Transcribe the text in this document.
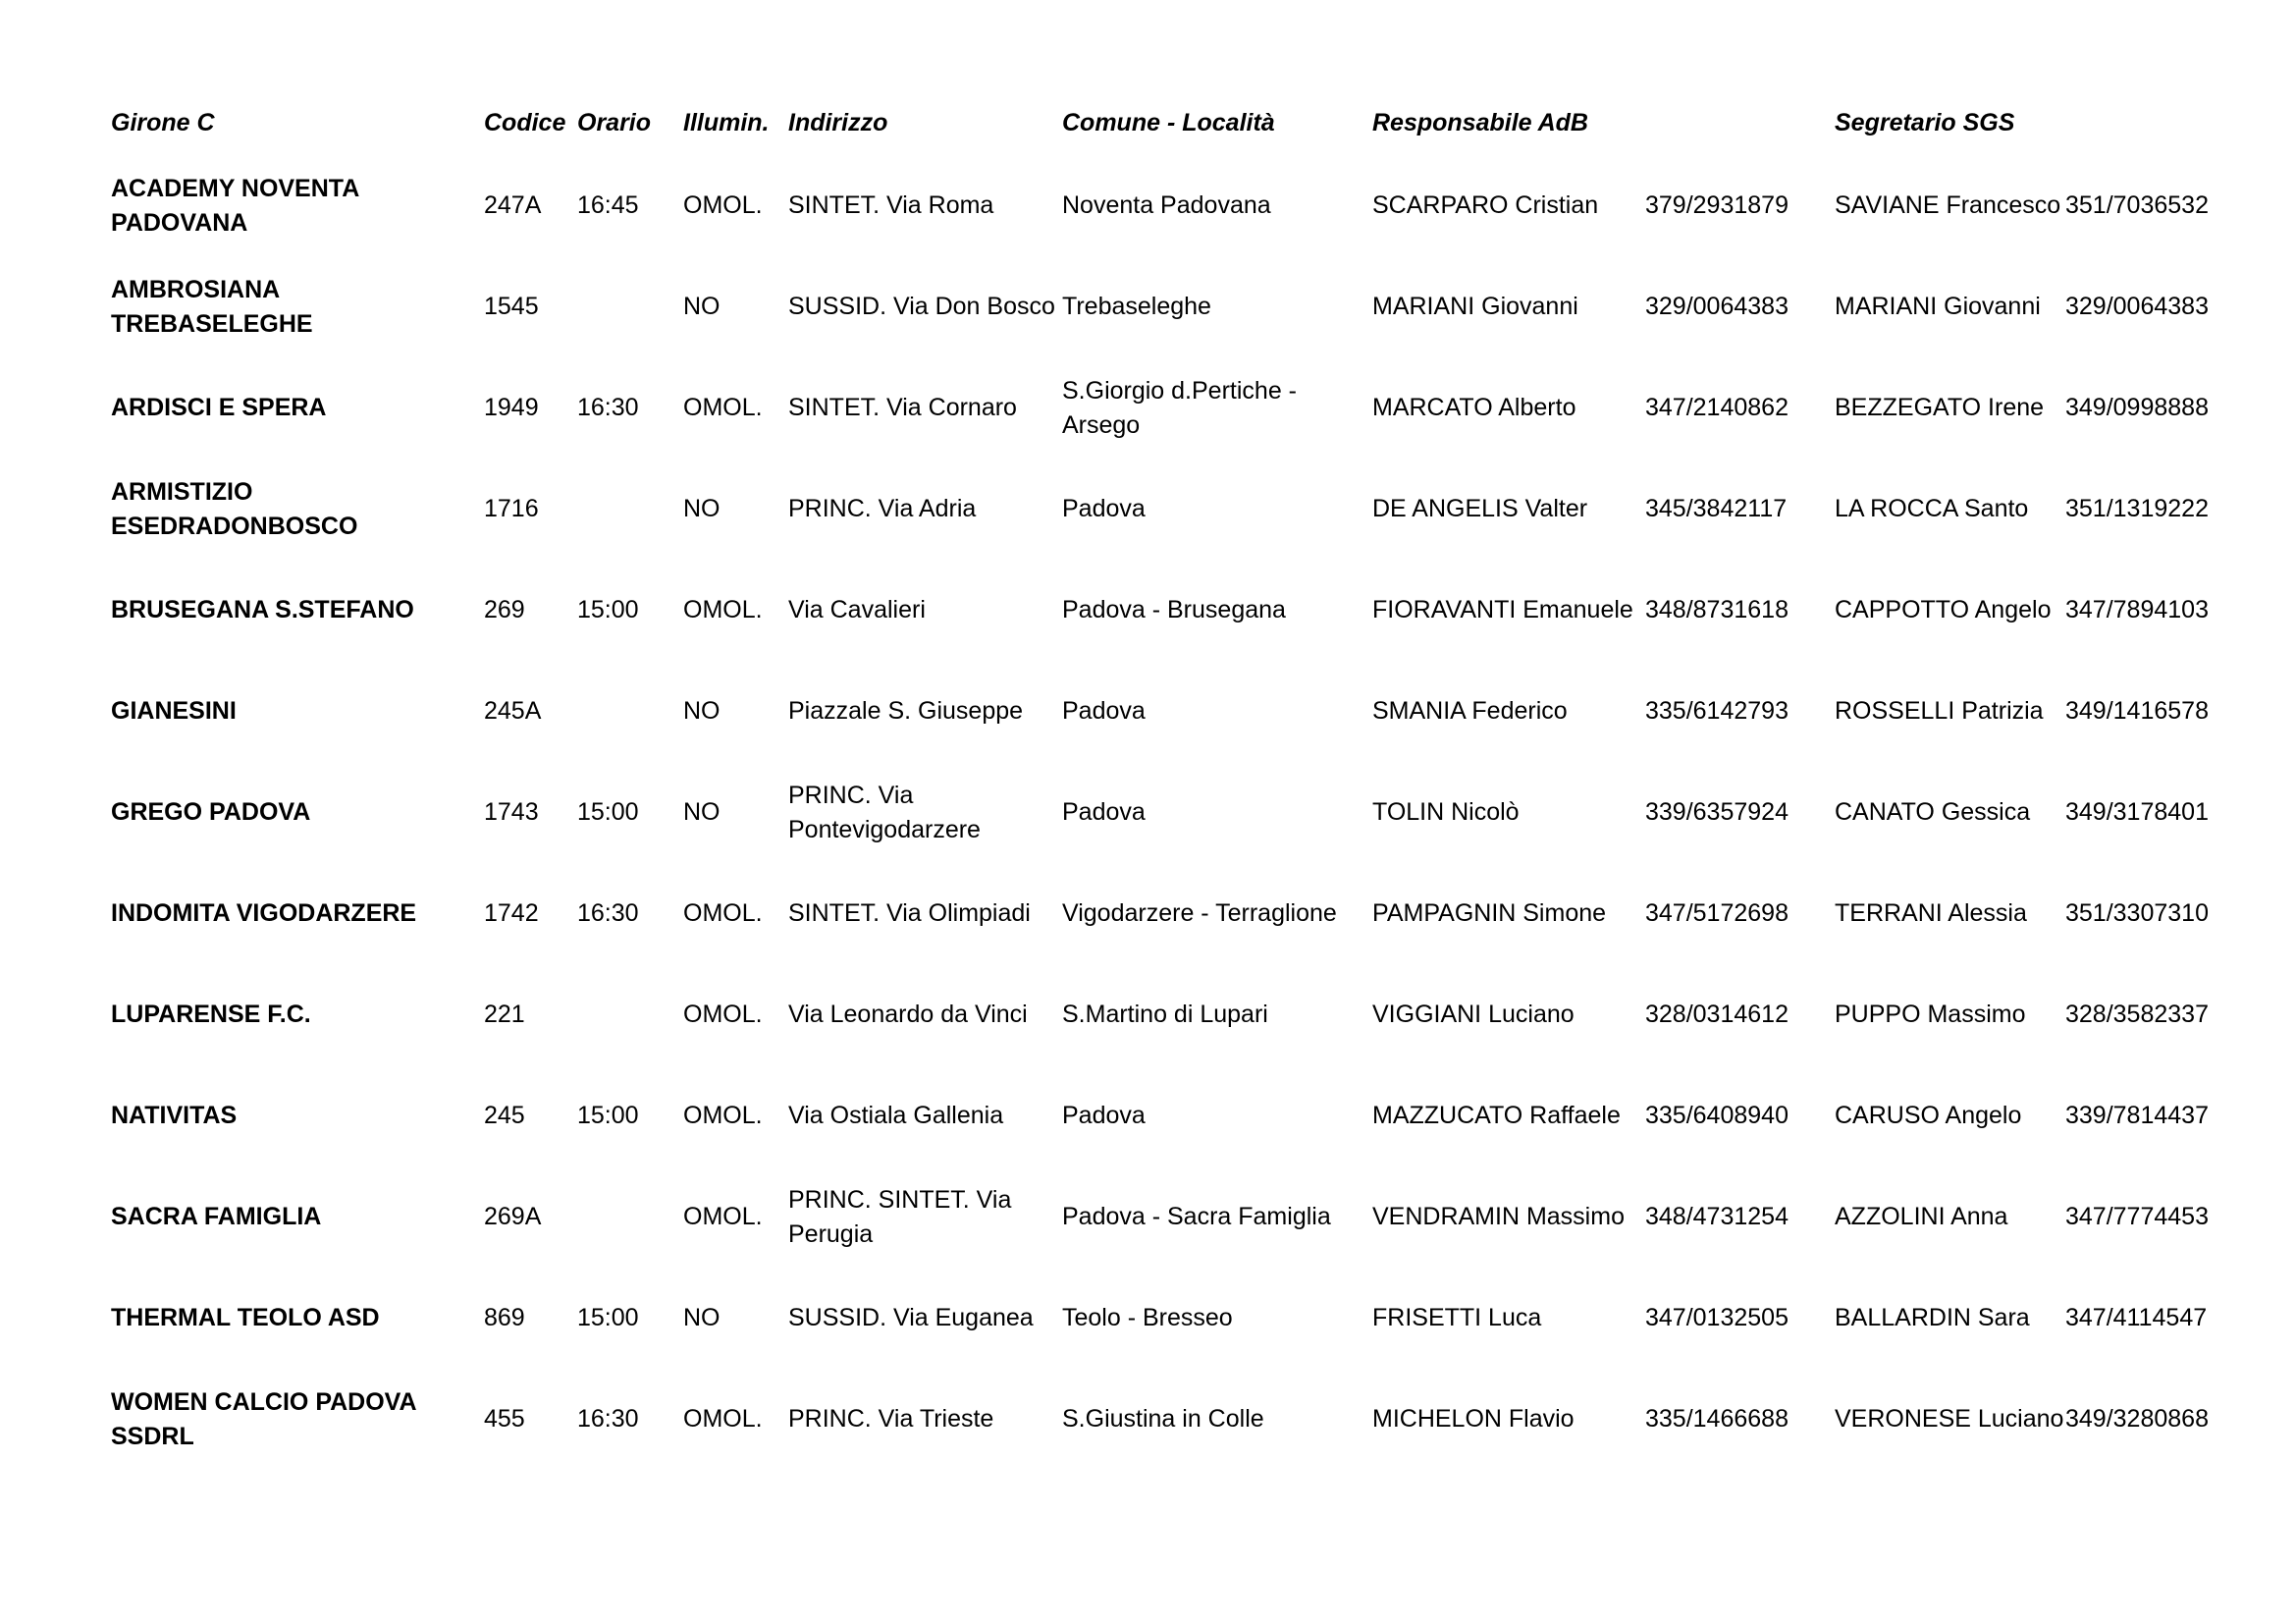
Girone C	Codice	Orario	Illumin.	Indirizzo	Comune - Località	Responsabile AdB		Segretario SGS	
ACADEMY NOVENTA PADOVANA	247A	16:45	OMOL.	SINTET. Via Roma	Noventa Padovana	SCARPARO Cristian	379/2931879	SAVIANE Francesco	351/7036532
AMBROSIANA TREBASELEGHE	1545		NO	SUSSID. Via Don Bosco	Trebaseleghe	MARIANI Giovanni	329/0064383	MARIANI Giovanni	329/0064383
ARDISCI E SPERA	1949	16:30	OMOL.	SINTET. Via Cornaro	S.Giorgio d.Pertiche - Arsego	MARCATO Alberto	347/2140862	BEZZEGATO Irene	349/0998888
ARMISTIZIO ESEDRADONBOSCO	1716		NO	PRINC. Via Adria	Padova	DE ANGELIS Valter	345/3842117	LA ROCCA Santo	351/1319222
BRUSEGANA S.STEFANO	269	15:00	OMOL.	Via Cavalieri	Padova - Brusegana	FIORAVANTI Emanuele	348/8731618	CAPPOTTO Angelo	347/7894103
GIANESINI	245A		NO	Piazzale S. Giuseppe	Padova	SMANIA Federico	335/6142793	ROSSELLI Patrizia	349/1416578
GREGO PADOVA	1743	15:00	NO	PRINC. Via Pontevigodarzere	Padova	TOLIN Nicolò	339/6357924	CANATO Gessica	349/3178401
INDOMITA VIGODARZERE	1742	16:30	OMOL.	SINTET. Via Olimpiadi	Vigodarzere - Terraglione	PAMPAGNIN Simone	347/5172698	TERRANI Alessia	351/3307310
LUPARENSE F.C.	221		OMOL.	Via Leonardo da Vinci	S.Martino di Lupari	VIGGIANI Luciano	328/0314612	PUPPO Massimo	328/3582337
NATIVITAS	245	15:00	OMOL.	Via Ostiala Gallenia	Padova	MAZZUCATO Raffaele	335/6408940	CARUSO Angelo	339/7814437
SACRA FAMIGLIA	269A		OMOL.	PRINC. SINTET. Via Perugia	Padova - Sacra Famiglia	VENDRAMIN Massimo	348/4731254	AZZOLINI Anna	347/7774453
THERMAL TEOLO ASD	869	15:00	NO	SUSSID. Via Euganea	Teolo - Bresseo	FRISETTI Luca	347/0132505	BALLARDIN Sara	347/4114547
WOMEN CALCIO PADOVA SSDRL	455	16:30	OMOL.	PRINC. Via Trieste	S.Giustina in Colle	MICHELON Flavio	335/1466688	VERONESE Luciano	349/3280868
